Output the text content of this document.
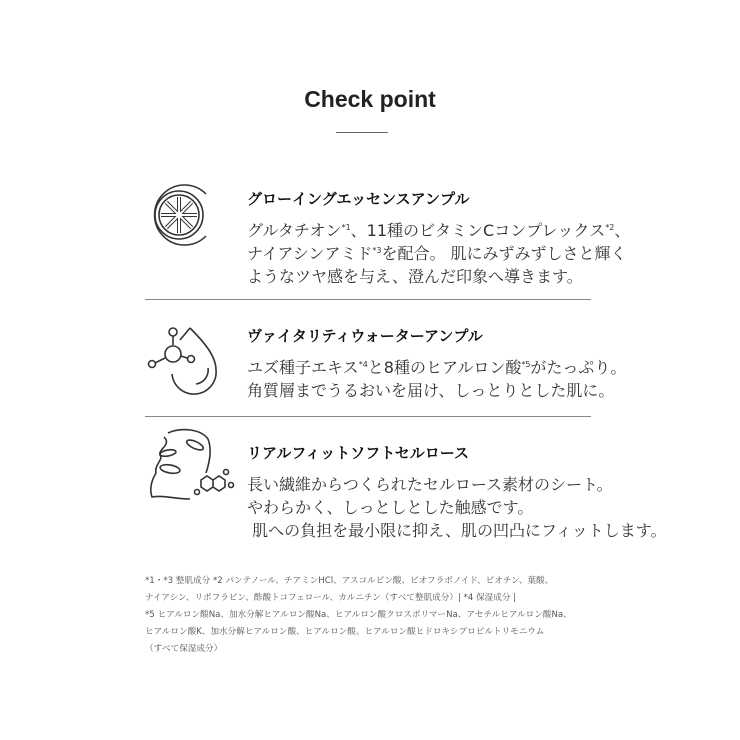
Check point
グローイングエッセンスアンプル

グルタチオン$^{*1}$、11種のビタミンCコンプレックス$^{*2}$、
ナイアシンアミド$^{*3}$を配合。 肌にみずみずしさと輝く
ようなツヤ感を与え、澄んだ印象へ導きます。

ヴァイタリティウォーターアンプル

ユズ種子エキス$^{*4}$と8種のヒアルロン酸$^{*5}$がたっぷり。
角質層までうるおいを届け、しっとりとした肌に。

リアルフィットソフトセルロース

長い繊維からつくられたセルロース素材のシート。
やわらかく、しっとしとした触感です。
肌への負担を最小限に抑え、肌の凹凸にフィットします。

*1・*3 整肌成分 *2 パンテノール、チアミンHCl、アスコルビン酸、ビオフラボノイド、ビオチン、葉酸、
ナイアシン、リボフラビン、酢酸トコフェロール、カルニチン（すべて整肌成分）| *4 保湿成分 |
*5 ヒアルロン酸Na、加水分解ヒアルロン酸Na、ヒアルロン酸クロスポリマーNa、アセチルヒアルロン酸Na、
ヒアルロン酸K、加水分解ヒアルロン酸、ヒアルロン酸、ヒアルロン酸ヒドロキシプロピルトリモニウム
（すべて保湿成分）
